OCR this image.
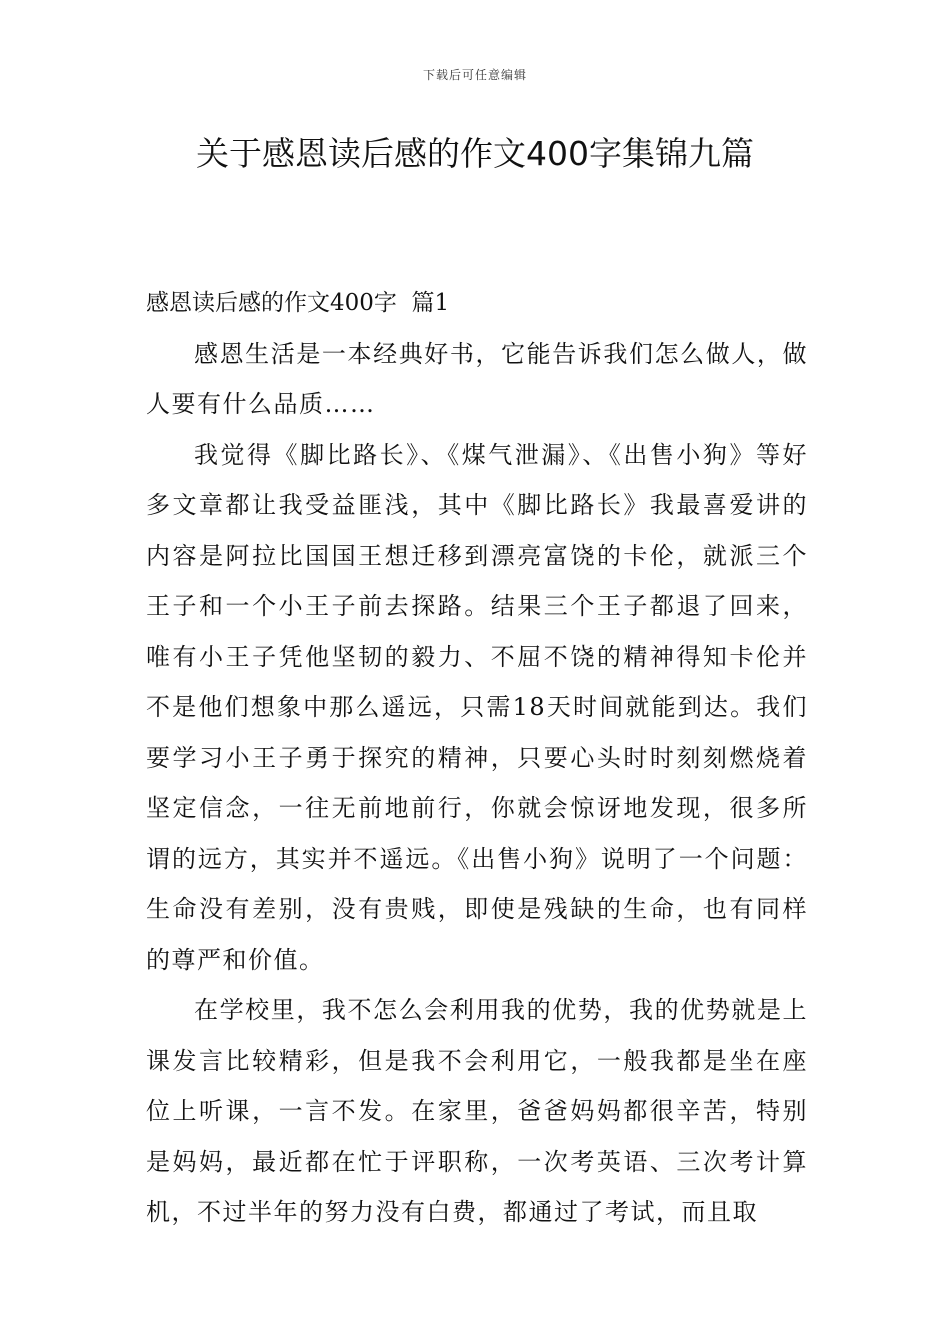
下载后可任意编辑
关于感恩读后感的作文400字集锦九篇

感恩读后感的作文400字  篇1

感恩生活是一本经典好书，它能告诉我们怎么做人，做人要有什么品质……

我觉得《脚比路长》、《煤气泄漏》、《出售小狗》等好多文章都让我受益匪浅，其中《脚比路长》我最喜爱讲的内容是阿拉比国国王想迁移到漂亮富饶的卡伦，就派三个王子和一个小王子前去探路。结果三个王子都退了回来，唯有小王子凭他坚韧的毅力、不屈不饶的精神得知卡伦并不是他们想象中那么遥远，只需18天时间就能到达。我们要学习小王子勇于探究的精神，只要心头时时刻刻燃烧着坚定信念，一往无前地前行，你就会惊讶地发现，很多所谓的远方，其实并不遥远。《出售小狗》说明了一个问题：生命没有差别，没有贵贱，即使是残缺的生命，也有同样的尊严和价值。

在学校里，我不怎么会利用我的优势，我的优势就是上课发言比较精彩，但是我不会利用它，一般我都是坐在座位上听课，一言不发。在家里，爸爸妈妈都很辛苦，特别是妈妈，最近都在忙于评职称，一次考英语、三次考计算机，不过半年的努力没有白费，都通过了考试，而且取
